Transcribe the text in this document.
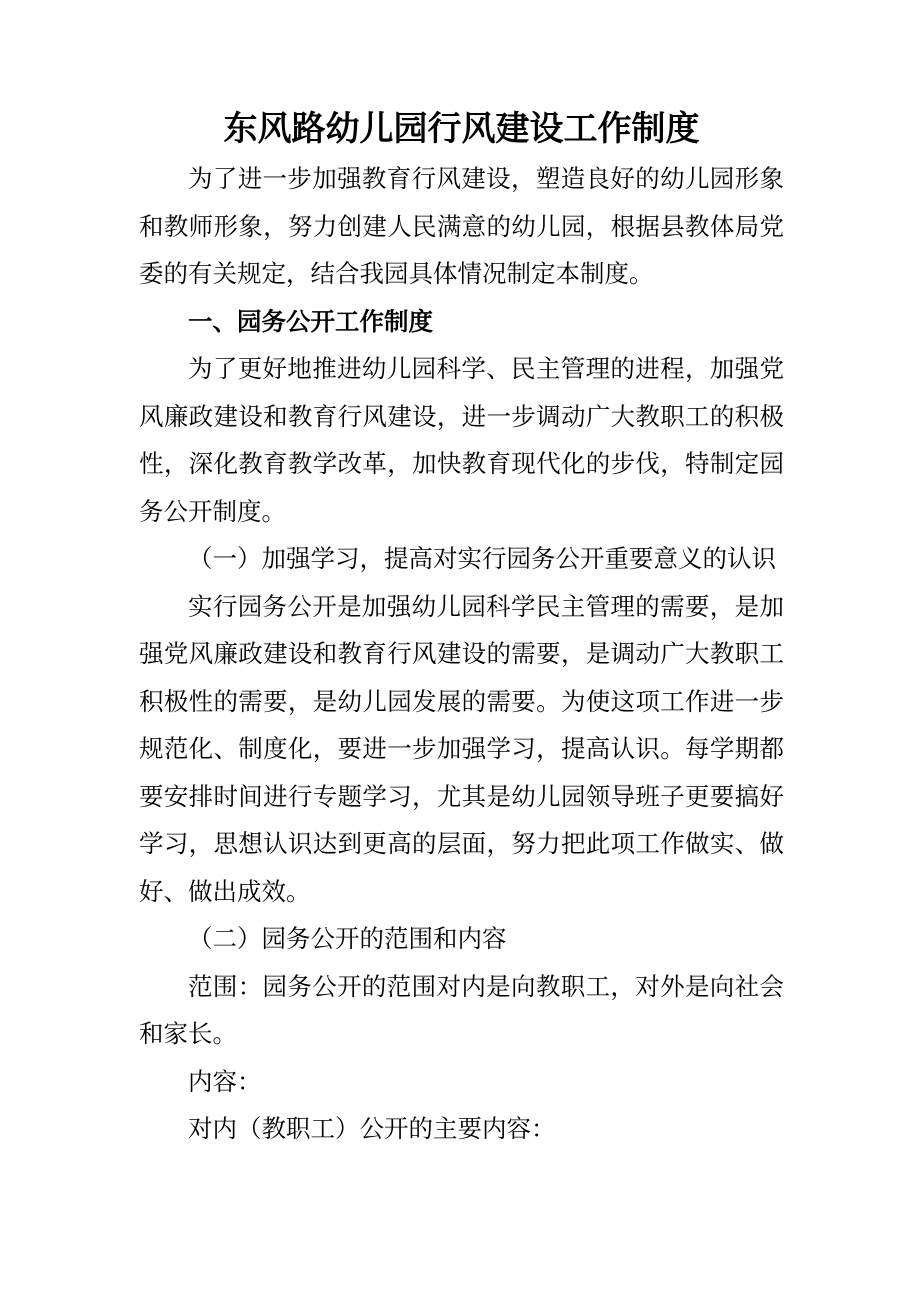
东风路幼儿园行风建设工作制度

为了进一步加强教育行风建设，塑造良好的幼儿园形象和教师形象，努力创建人民满意的幼儿园，根据县教体局党委的有关规定，结合我园具体情况制定本制度。

一、园务公开工作制度

为了更好地推进幼儿园科学、民主管理的进程，加强党风廉政建设和教育行风建设，进一步调动广大教职工的积极性，深化教育教学改革，加快教育现代化的步伐，特制定园务公开制度。

（一）加强学习，提高对实行园务公开重要意义的认识

实行园务公开是加强幼儿园科学民主管理的需要，是加强党风廉政建设和教育行风建设的需要，是调动广大教职工积极性的需要，是幼儿园发展的需要。为使这项工作进一步规范化、制度化，要进一步加强学习，提高认识。每学期都要安排时间进行专题学习，尤其是幼儿园领导班子更要搞好学习，思想认识达到更高的层面，努力把此项工作做实、做好、做出成效。

（二）园务公开的范围和内容

范围：园务公开的范围对内是向教职工，对外是向社会和家长。

内容：

对内（教职工）公开的主要内容：
